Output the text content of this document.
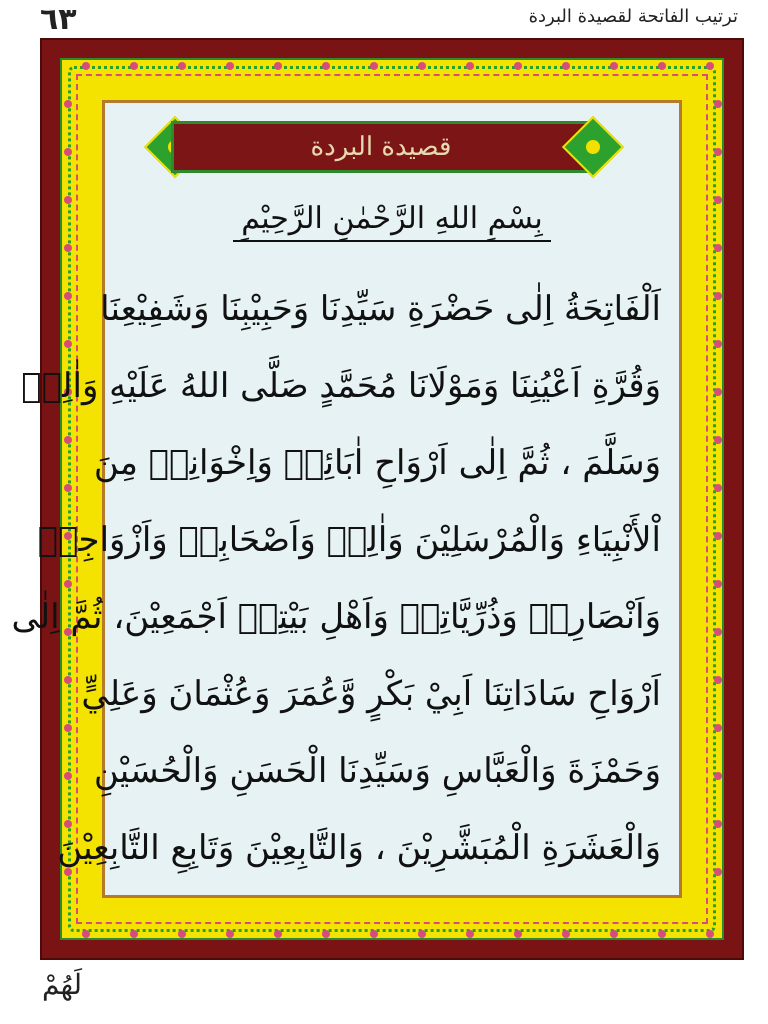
٦٣	ترتيب الفاتحة لقصيدة البردة
قصيدة البردة
بِسْمِ اللهِ الرَّحْمٰنِ الرَّحِيْمِ
اَلْفَاتِحَةُ اِلٰى حَضْرَةِ سَيِّدِنَا وَحَبِيْبِنَا وَشَفِيْعِنَا
وَقُرَّةِ اَعْيُنِنَا وَمَوْلَانَا مُحَمَّدٍ صَلَّى اللهُ عَلَيْهِ وَاٰلِهٖ
وَسَلَّمَ ، ثُمَّ اِلٰى اَرْوَاحِ اٰبَائِهٖ وَاِخْوَانِهٖ مِنَ
اْلأَنْبِيَاءِ وَالْمُرْسَلِيْنَ وَاٰلِهٖ وَاَصْحَابِهٖ وَاَزْوَاجِهٖ
وَاَنْصَارِهٖ وَذُرِّيَّاتِهٖ وَاَهْلِ بَيْتِهٖ اَجْمَعِيْنَ، ثُمَّ اِلٰى
اَرْوَاحِ سَادَاتِنَا اَبِيْ بَكْرٍ وَّعُمَرَ وَعُثْمَانَ وَعَلِيٍّ
وَحَمْزَةَ وَالْعَبَّاسِ وَسَيِّدِنَا الْحَسَنِ وَالْحُسَيْنِ
وَالْعَشَرَةِ الْمُبَشَّرِيْنَ ، وَالتَّابِعِيْنَ وَتَابِعِ التَّابِعِيْنَ
لَهُمْ
